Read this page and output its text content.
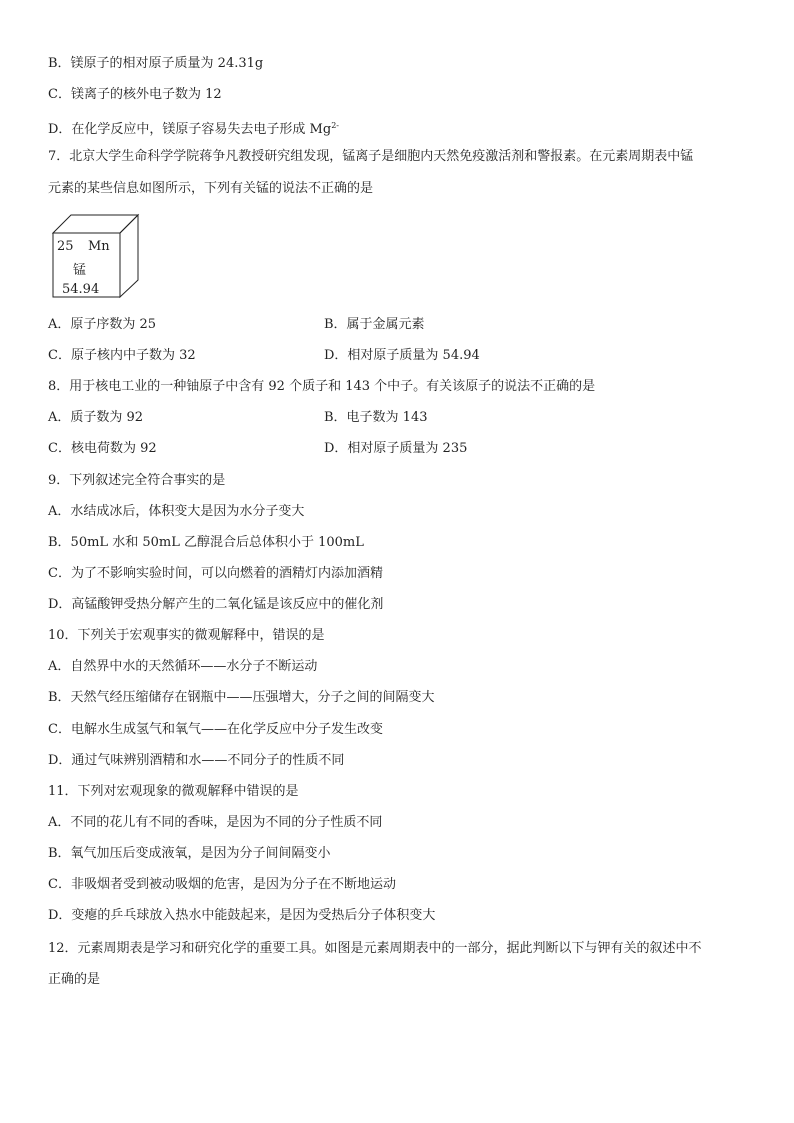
B．镁原子的相对原子质量为 24.31g
C．镁离子的核外电子数为 12
D．在化学反应中，镁原子容易失去电子形成 $Mg^{2-}$
7．北京大学生命科学学院蒋争凡教授研究组发现，锰离子是细胞内天然免疫激活剂和警报素。在元素周期表中锰
元素的某些信息如图所示，下列有关锰的说法不正确的是
25 Mn
锰
54.94
A．原子序数为 25	B．属于金属元素
C．原子核内中子数为 32	D．相对原子质量为 54.94
8．用于核电工业的一种铀原子中含有 92 个质子和 143 个中子。有关该原子的说法不正确的是
A．质子数为 92	B．电子数为 143
C．核电荷数为 92	D．相对原子质量为 235
9．下列叙述完全符合事实的是
A．水结成冰后，体积变大是因为水分子变大
B．50mL 水和 50mL 乙醇混合后总体积小于 100mL
C．为了不影响实验时间，可以向燃着的酒精灯内添加酒精
D．高锰酸钾受热分解产生的二氧化锰是该反应中的催化剂
10．下列关于宏观事实的微观解释中，错误的是
A．自然界中水的天然循环——水分子不断运动
B．天然气经压缩储存在钢瓶中——压强增大，分子之间的间隔变大
C．电解水生成氢气和氧气——在化学反应中分子发生改变
D．通过气味辨别酒精和水——不同分子的性质不同
11．下列对宏观现象的微观解释中错误的是
A．不同的花儿有不同的香味，是因为不同的分子性质不同
B．氧气加压后变成液氧，是因为分子间间隔变小
C．非吸烟者受到被动吸烟的危害，是因为分子在不断地运动
D．变瘪的乒乓球放入热水中能鼓起来，是因为受热后分子体积变大
12．元素周期表是学习和研究化学的重要工具。如图是元素周期表中的一部分，据此判断以下与钾有关的叙述中不
正确的是
